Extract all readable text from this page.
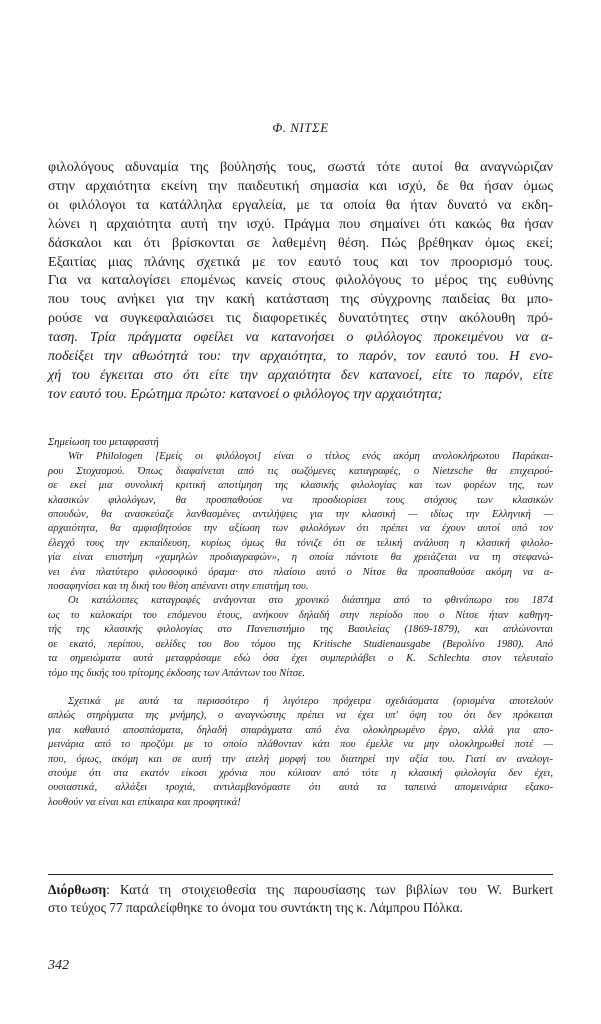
Φ. ΝΙΤΣΕ
φιλολόγους αδυναμία της βούλησής τους, σωστά τότε αυτοί θα αναγνώριζαν
στην αρχαιότητα εκείνη την παιδευτική σημασία και ισχύ, δε θα ήσαν όμως
οι φιλόλογοι τα κατάλληλα εργαλεία, με τα οποία θα ήταν δυνατό να εκδη-
λώνει η αρχαιότητα αυτή την ισχύ. Πράγμα που σημαίνει ότι κακώς θα ήσαν
δάσκαλοι και ότι βρίσκονται σε λαθεμένη θέση. Πώς βρέθηκαν όμως εκεί;
Εξαιτίας μιας πλάνης σχετικά με τον εαυτό τους και τον προορισμό τους.
Για να καταλογίσει επομένως κανείς στους φιλολόγους το μέρος της ευθύνης
που τους ανήκει για την κακή κατάσταση της σύγχρονης παιδείας θα μπο-
ρούσε να συγκεφαλαιώσει τις διαφορετικές δυνατότητες στην ακόλουθη πρό-
ταση. Τρία πράγματα οφείλει να κατανοήσει ο φιλόλογος προκειμένου να α-
ποδείξει την αθωότητά του: την αρχαιότητα, το παρόν, τον εαυτό του. Η ενο-
χή του έγκειται στο ότι είτε την αρχαιότητα δεν κατανοεί, είτε το παρόν, είτε
τον εαυτό του. Ερώτημα πρώτο: κατανοεί ο φιλόλογος την αρχαιότητα;
Σημείωση του μεταφραστή
Wir Philologen [Εμείς οι φιλόλογοι] είναι ο τίτλος ενός ακόμη ανολοκλήρωτου Παράκαι-
ρου Στοχασμού. Όπως διαφαίνεται από τις σωζόμενες καταγραφές, ο Nietzsche θα επιχειρού-
σε εκεί μια συνολική κριτική αποτίμηση της κλασικής φιλολογίας και των φορέων της, των
κλασικών φιλολόγων, θα προσπαθούσε να προσδιορίσει τους στόχους των κλασικών
σπουδών, θα ανασκεύαζε λανθασμένες αντιλήψεις για την κλασική — ιδίως την Ελληνική —
αρχαιότητα, θα αμφισβητούσε την αξίωση των φιλολόγων ότι πρέπει να έχουν αυτοί υπό τον
έλεγχό τους την εκπαίδευση, κυρίως όμως θα τόνιζε ότι σε τελική ανάλυση η κλασική φιλολο-
γία είναι επιστήμη «χαμηλών προδιαγραφών», η οποία πάντοτε θα χρειάζεται να τη στεφανώ-
νει ένα πλατύτερο φιλοσοφικό όραμα· στο πλαίσιο αυτό ο Νίτσε θα προσπαθούσε ακόμη να α-
ποσαφηνίσει και τη δική του θέση απέναντι στην επιστήμη του.
Οι κατάλοιπες καταγραφές ανάγονται στο χρονικό διάστημα από το φθινόπωρο του 1874
ως το καλοκαίρι του επόμενου έτους, ανήκουν δηλαδή στην περίοδο που ο Νίτσε ήταν καθηγη-
τής της κλασικής φιλολογίας στο Πανεπιστήμιο της Βασιλείας (1869-1879), και απλώνονται
σε εκατό, περίπου, σελίδες του 8ου τόμου της Kritische Studienausgabe (Βερολίνο 1980). Από
τα σημειώματα αυτά μεταφράσαμε εδώ όσα έχει συμπεριλάβει ο K. Schlechta στον τελευταίο
τόμο της δικής του τρίτομης έκδοσης των Απάντων του Νίτσε.
Σχετικά με αυτά τα περισσότερο ή λιγότερο πρόχειρα σχεδιάσματα (ορισμένα αποτελούν
απλώς στηρίγματα της μνήμης), ο αναγνώστης πρέπει να έχει υπ' όψη του ότι δεν πρόκειται
για καθαυτό αποσπάσματα, δηλαδή σπαράγματα από ένα ολοκληρωμένο έργο, αλλά για απο-
μεινάρια από το προζύμι με το οποίο πλάθονταν κάτι που έμελλε να μην ολοκληρωθεί ποτέ —
που, όμως, ακόμη και σε αυτή την ατελή μορφή του διατηρεί την αξία του. Γιατί αν αναλογι-
στούμε ότι στα εκατόν είκοσι χρόνια που κύλισαν από τότε η κλασική φιλολογία δεν έχει,
ουσιαστικά, αλλάξει τροχιά, αντιλαμβανόμαστε ότι αυτά τα ταπεινά απομεινάρια εξακο-
λουθούν να είναι και επίκαιρα και προφητικά!
Διόρθωση: Κατά τη στοιχειοθεσία της παρουσίασης των βιβλίων του W. Burkert
στο τεύχος 77 παραλείφθηκε το όνομα του συντάκτη της κ. Λάμπρου Πόλκα.
342
